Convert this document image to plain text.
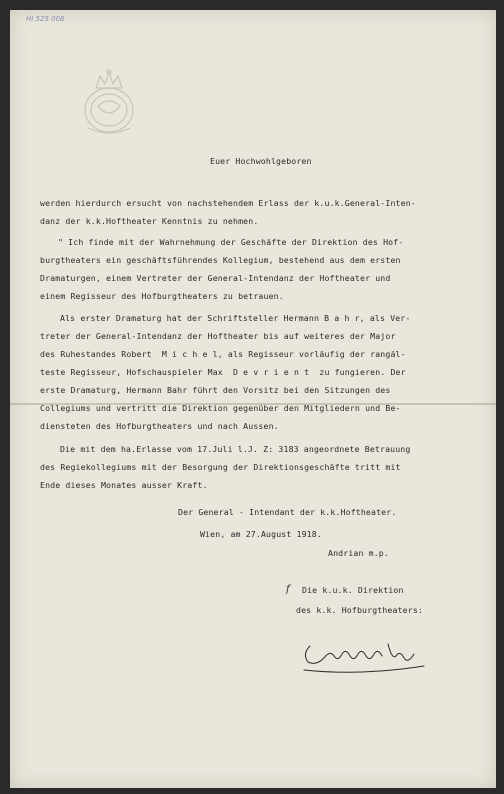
HI 525 008
Euer Hochwohlgeboren
werden hierdurch ersucht von nachstehendem Erlass der k.u.k.General-Inten-
danz der k.k.Hoftheater Kenntnis zu nehmen.
" Ich finde mit der Wahrnehmung der Geschäfte der Direktion des Hof-
burgtheaters ein geschäftsführendes Kollegium, bestehend aus dem ersten
Dramaturgen, einem Vertreter der General-Intendanz der Hoftheater und
einem Regisseur des Hofburgtheaters zu betrauen.
Als erster Dramaturg hat der Schriftsteller Hermann B a h r, als Ver-
treter der General-Intendanz der Hoftheater bis auf weiteres der Major
des Ruhestandes Robert  M i c h e l, als Regisseur vorläufig der rangäl-
teste Regisseur, Hofschauspieler Max  D e v r i e n t  zu fungieren. Der
erste Dramaturg, Hermann Bahr führt den Vorsitz bei den Sitzungen des
Collegiums und vertritt die Direktion gegenüber den Mitgliedern und Be-
diensteten des Hofburgtheaters und nach Aussen.
Die mit dem ha.Erlasse vom 17.Juli l.J. Z: 3183 angeordnete Betrauung
des Regiekollegiums mit der Besorgung der Direktionsgeschäfte tritt mit
Ende dieses Monates ausser Kraft.
Der General - Intendant der k.k.Hoftheater.
Wien, am 27.August 1918.
Andrian m.p.
f Die k.u.k. Direktion
des k.k. Hofburgtheaters:
